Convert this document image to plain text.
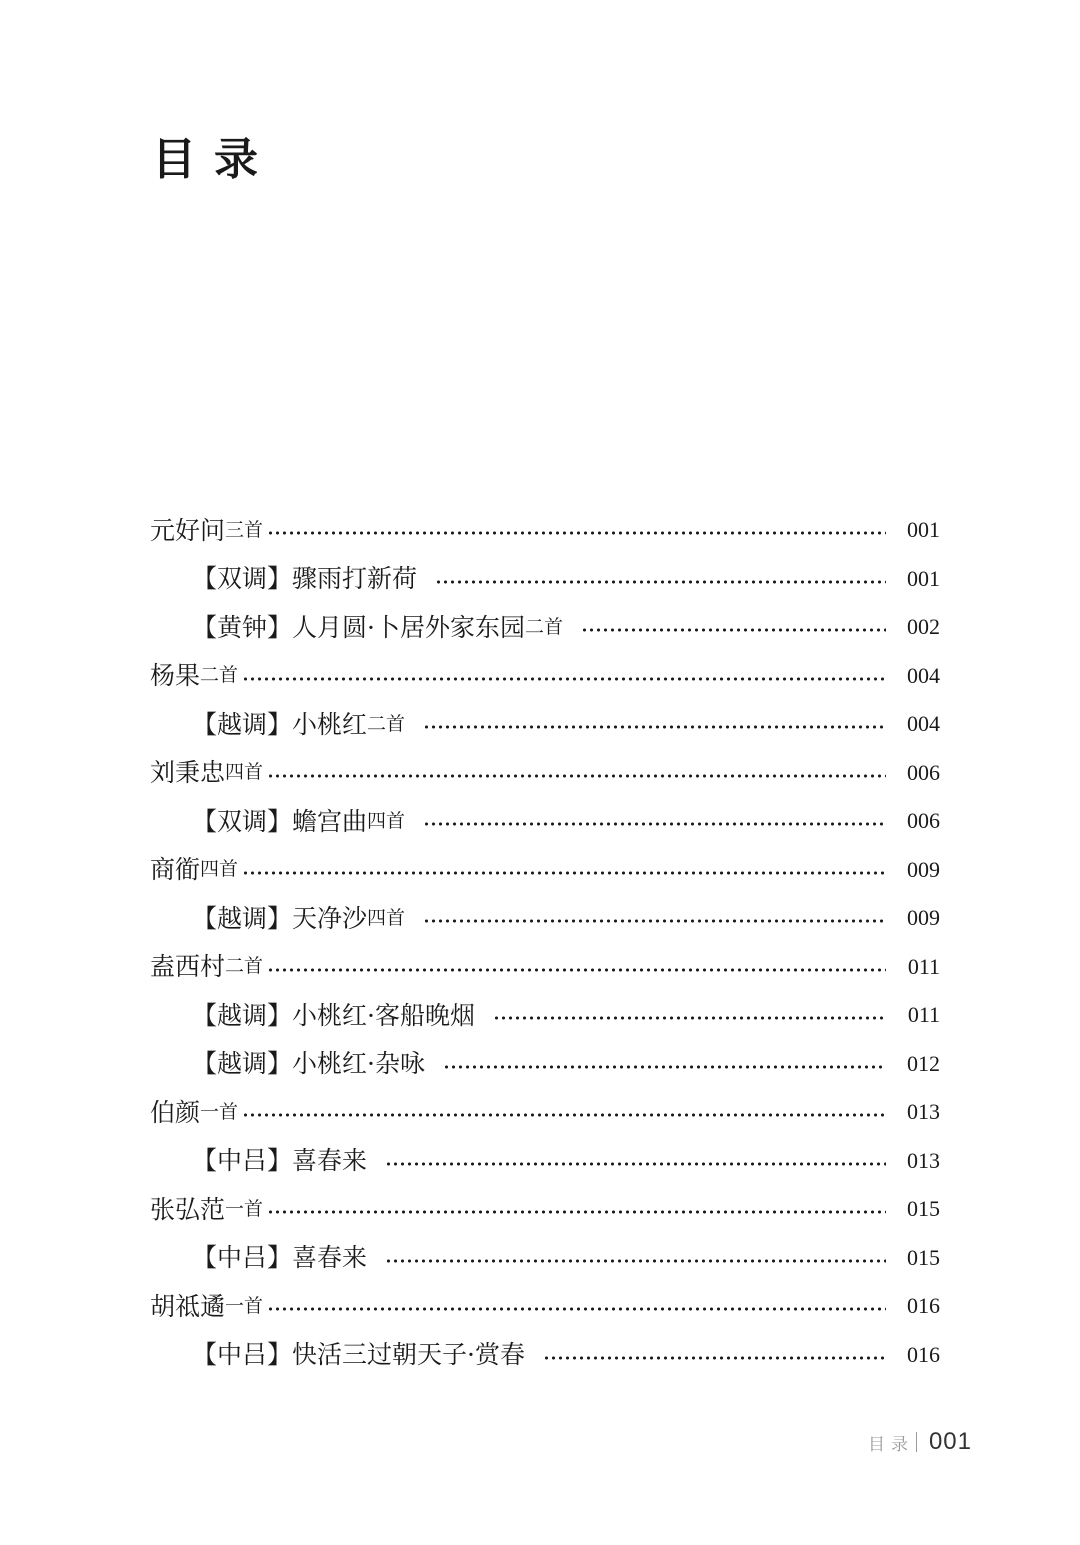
目录
元好问 三首	001
【双调】骤雨打新荷	001
【黄钟】人月圆·卜居外家东园 二首	002
杨果 二首	004
【越调】小桃红 二首	004
刘秉忠 四首	006
【双调】蟾宫曲 四首	006
商衜 四首	009
【越调】天净沙 四首	009
盍西村 二首	011
【越调】小桃红·客船晚烟	011
【越调】小桃红·杂咏	012
伯颜 一首	013
【中吕】喜春来	013
张弘范 一首	015
【中吕】喜春来	015
胡祗遹 一首	016
【中吕】快活三过朝天子·赏春	016
目录 001
